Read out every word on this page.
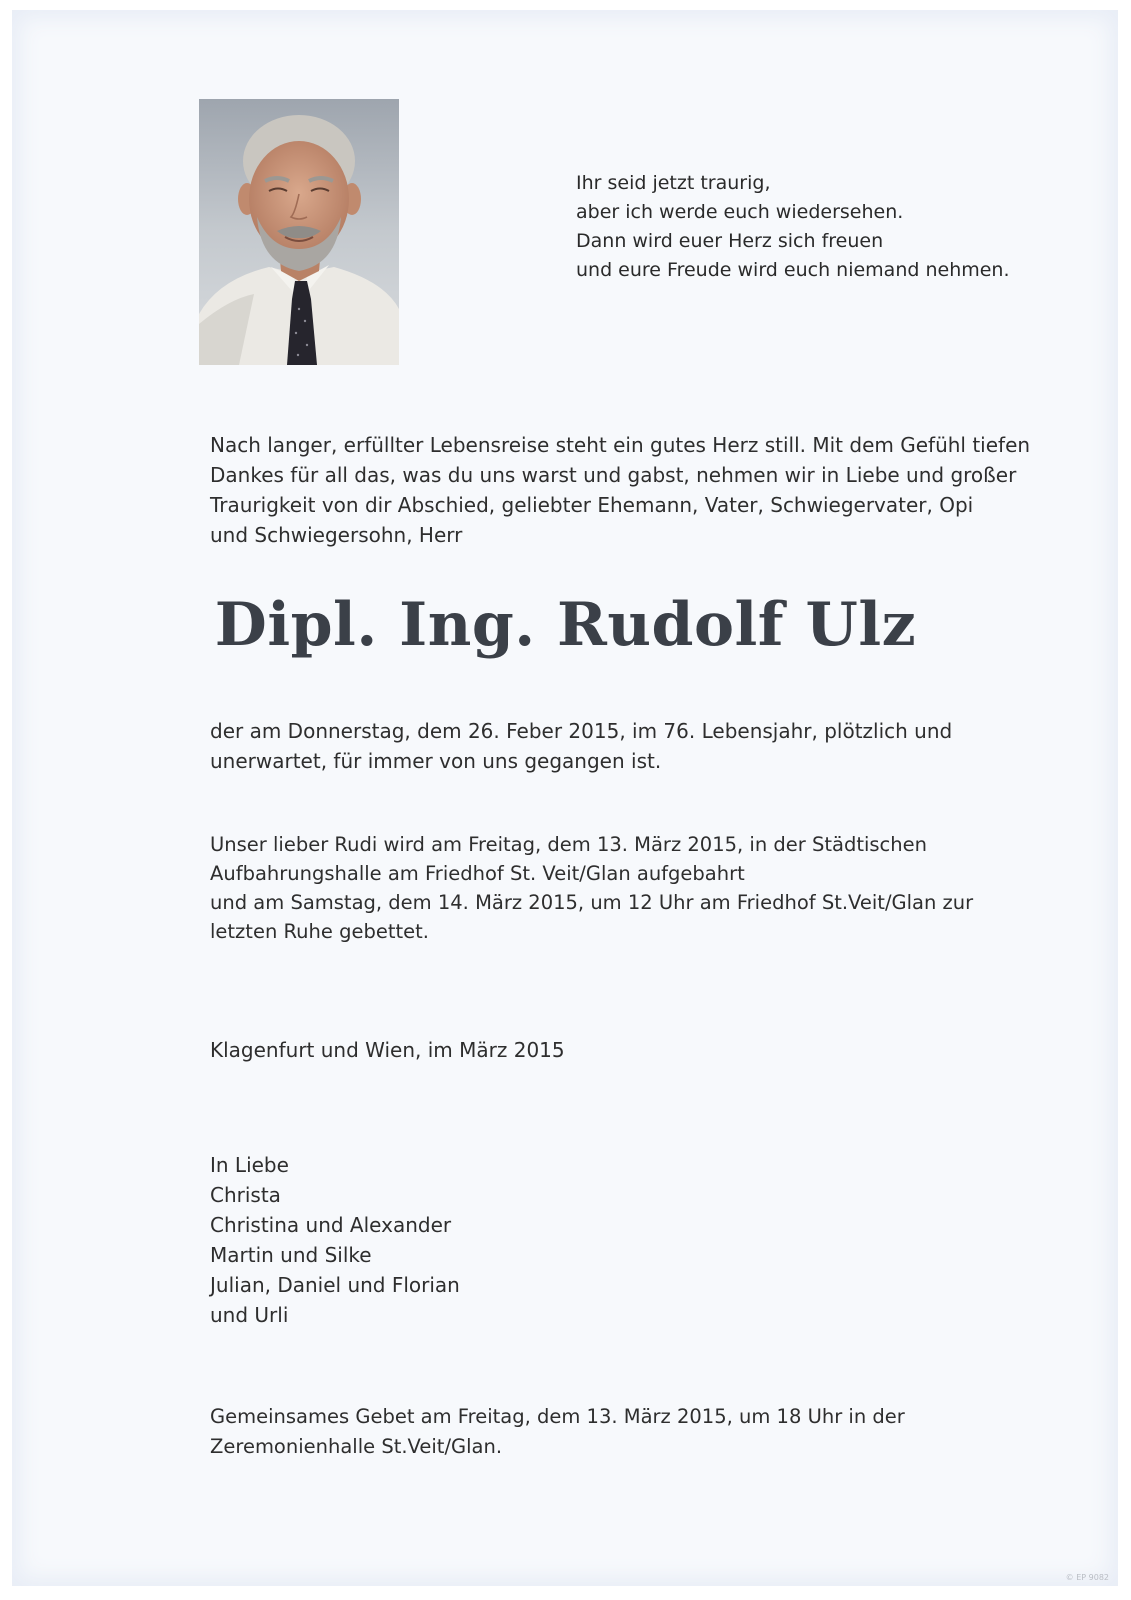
Ihr seid jetzt traurig,
aber ich werde euch wiedersehen.
Dann wird euer Herz sich freuen
und eure Freude wird euch niemand nehmen.
Nach langer, erfüllter Lebensreise steht ein gutes Herz still. Mit dem Gefühl tiefen
Dankes für all das, was du uns warst und gabst, nehmen wir in Liebe und großer
Traurigkeit von dir Abschied, geliebter Ehemann, Vater, Schwiegervater, Opi
und Schwiegersohn, Herr
Dipl. Ing. Rudolf Ulz
der am Donnerstag, dem 26. Feber 2015, im 76. Lebensjahr, plötzlich und
unerwartet, für immer von uns gegangen ist.
Unser lieber Rudi wird am Freitag, dem 13. März 2015, in der Städtischen
Aufbahrungshalle am Friedhof St. Veit/Glan aufgebahrt
und am Samstag, dem 14. März 2015, um 12 Uhr am Friedhof St.Veit/Glan zur
letzten Ruhe gebettet.
Klagenfurt und Wien, im März 2015
In Liebe
Christa
Christina und Alexander
Martin und Silke
Julian, Daniel und Florian
und Urli
Gemeinsames Gebet am Freitag, dem 13. März 2015, um 18 Uhr in der
Zeremonienhalle St.Veit/Glan.
© EP 9082
